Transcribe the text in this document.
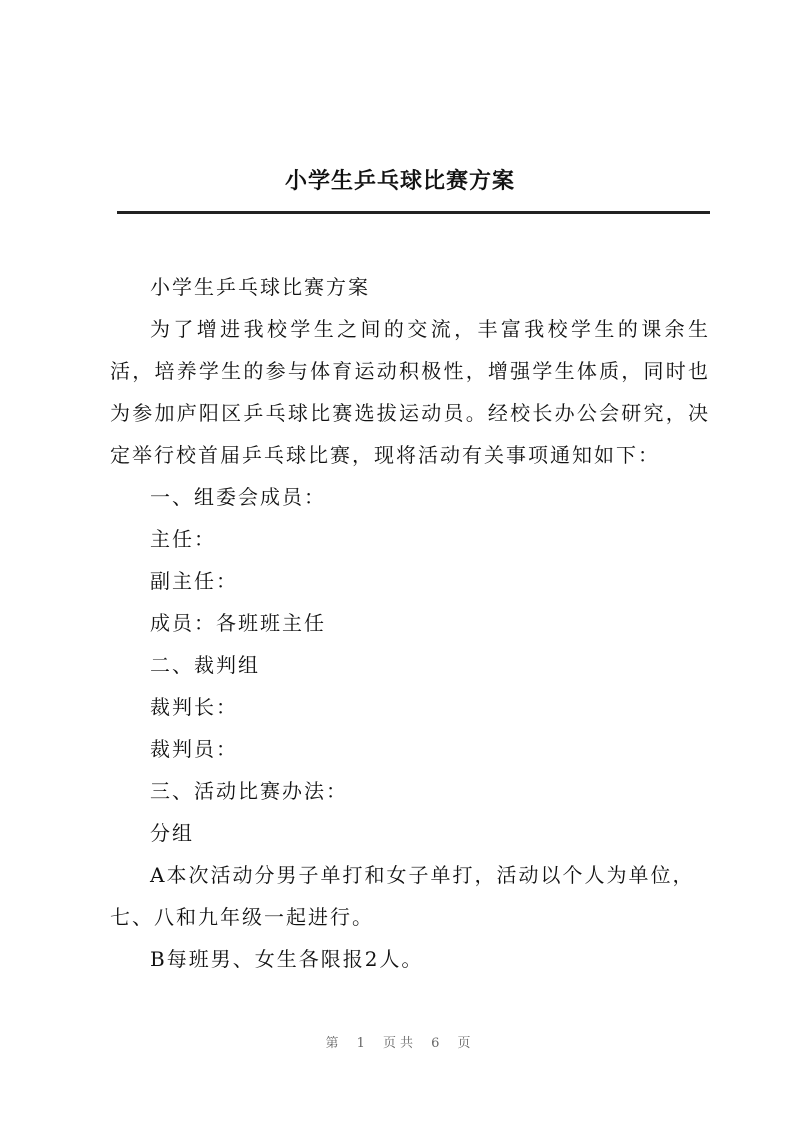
小学生乒乓球比赛方案

小学生乒乓球比赛方案

为了增进我校学生之间的交流，丰富我校学生的课余生活，培养学生的参与体育运动积极性，增强学生体质，同时也为参加庐阳区乒乓球比赛选拔运动员。经校长办公会研究，决定举行校首届乒乓球比赛，现将活动有关事项通知如下：

一、组委会成员：

主任：

副主任：

成员：各班班主任

二、裁判组

裁判长：

裁判员：

三、活动比赛办法：

分组

A本次活动分男子单打和女子单打，活动以个人为单位，

七、八和九年级一起进行。

B每班男、女生各限报2人。

第 1 页共 6 页
